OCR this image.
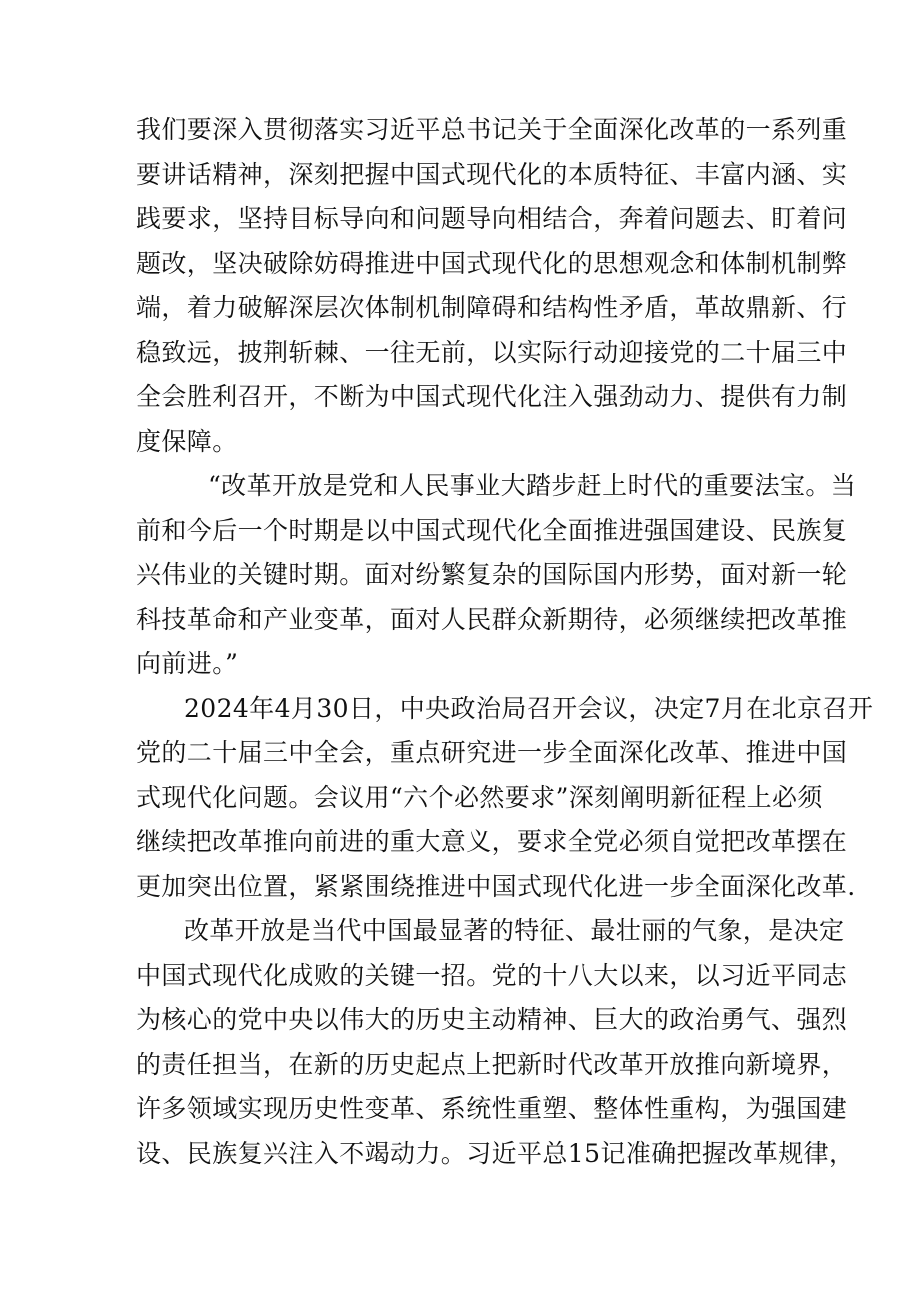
我们要深入贯彻落实习近平总书记关于全面深化改革的一系列重
要讲话精神，深刻把握中国式现代化的本质特征、丰富内涵、实
践要求，坚持目标导向和问题导向相结合，奔着问题去、盯着问
题改，坚决破除妨碍推进中国式现代化的思想观念和体制机制弊
端，着力破解深层次体制机制障碍和结构性矛盾，革故鼎新、行
稳致远，披荆斩棘、一往无前，以实际行动迎接党的二十届三中
全会胜利召开，不断为中国式现代化注入强劲动力、提供有力制
度保障。
“改革开放是党和人民事业大踏步赶上时代的重要法宝。当
前和今后一个时期是以中国式现代化全面推进强国建设、民族复
兴伟业的关键时期。面对纷繁复杂的国际国内形势，面对新一轮
科技革命和产业变革，面对人民群众新期待，必须继续把改革推
向前进。”
2024年4月30日，中央政治局召开会议，决定7月在北京召开
党的二十届三中全会，重点研究进一步全面深化改革、推进中国
式现代化问题。会议用“六个必然要求”深刻阐明新征程上必须
继续把改革推向前进的重大意义，要求全党必须自觉把改革摆在
更加突出位置，紧紧围绕推进中国式现代化进一步全面深化改革.
改革开放是当代中国最显著的特征、最壮丽的气象，是决定
中国式现代化成败的关键一招。党的十八大以来，以习近平同志
为核心的党中央以伟大的历史主动精神、巨大的政治勇气、强烈
的责任担当，在新的历史起点上把新时代改革开放推向新境界，
许多领域实现历史性变革、系统性重塑、整体性重构，为强国建
设、民族复兴注入不竭动力。习近平总15记准确把握改革规律，
